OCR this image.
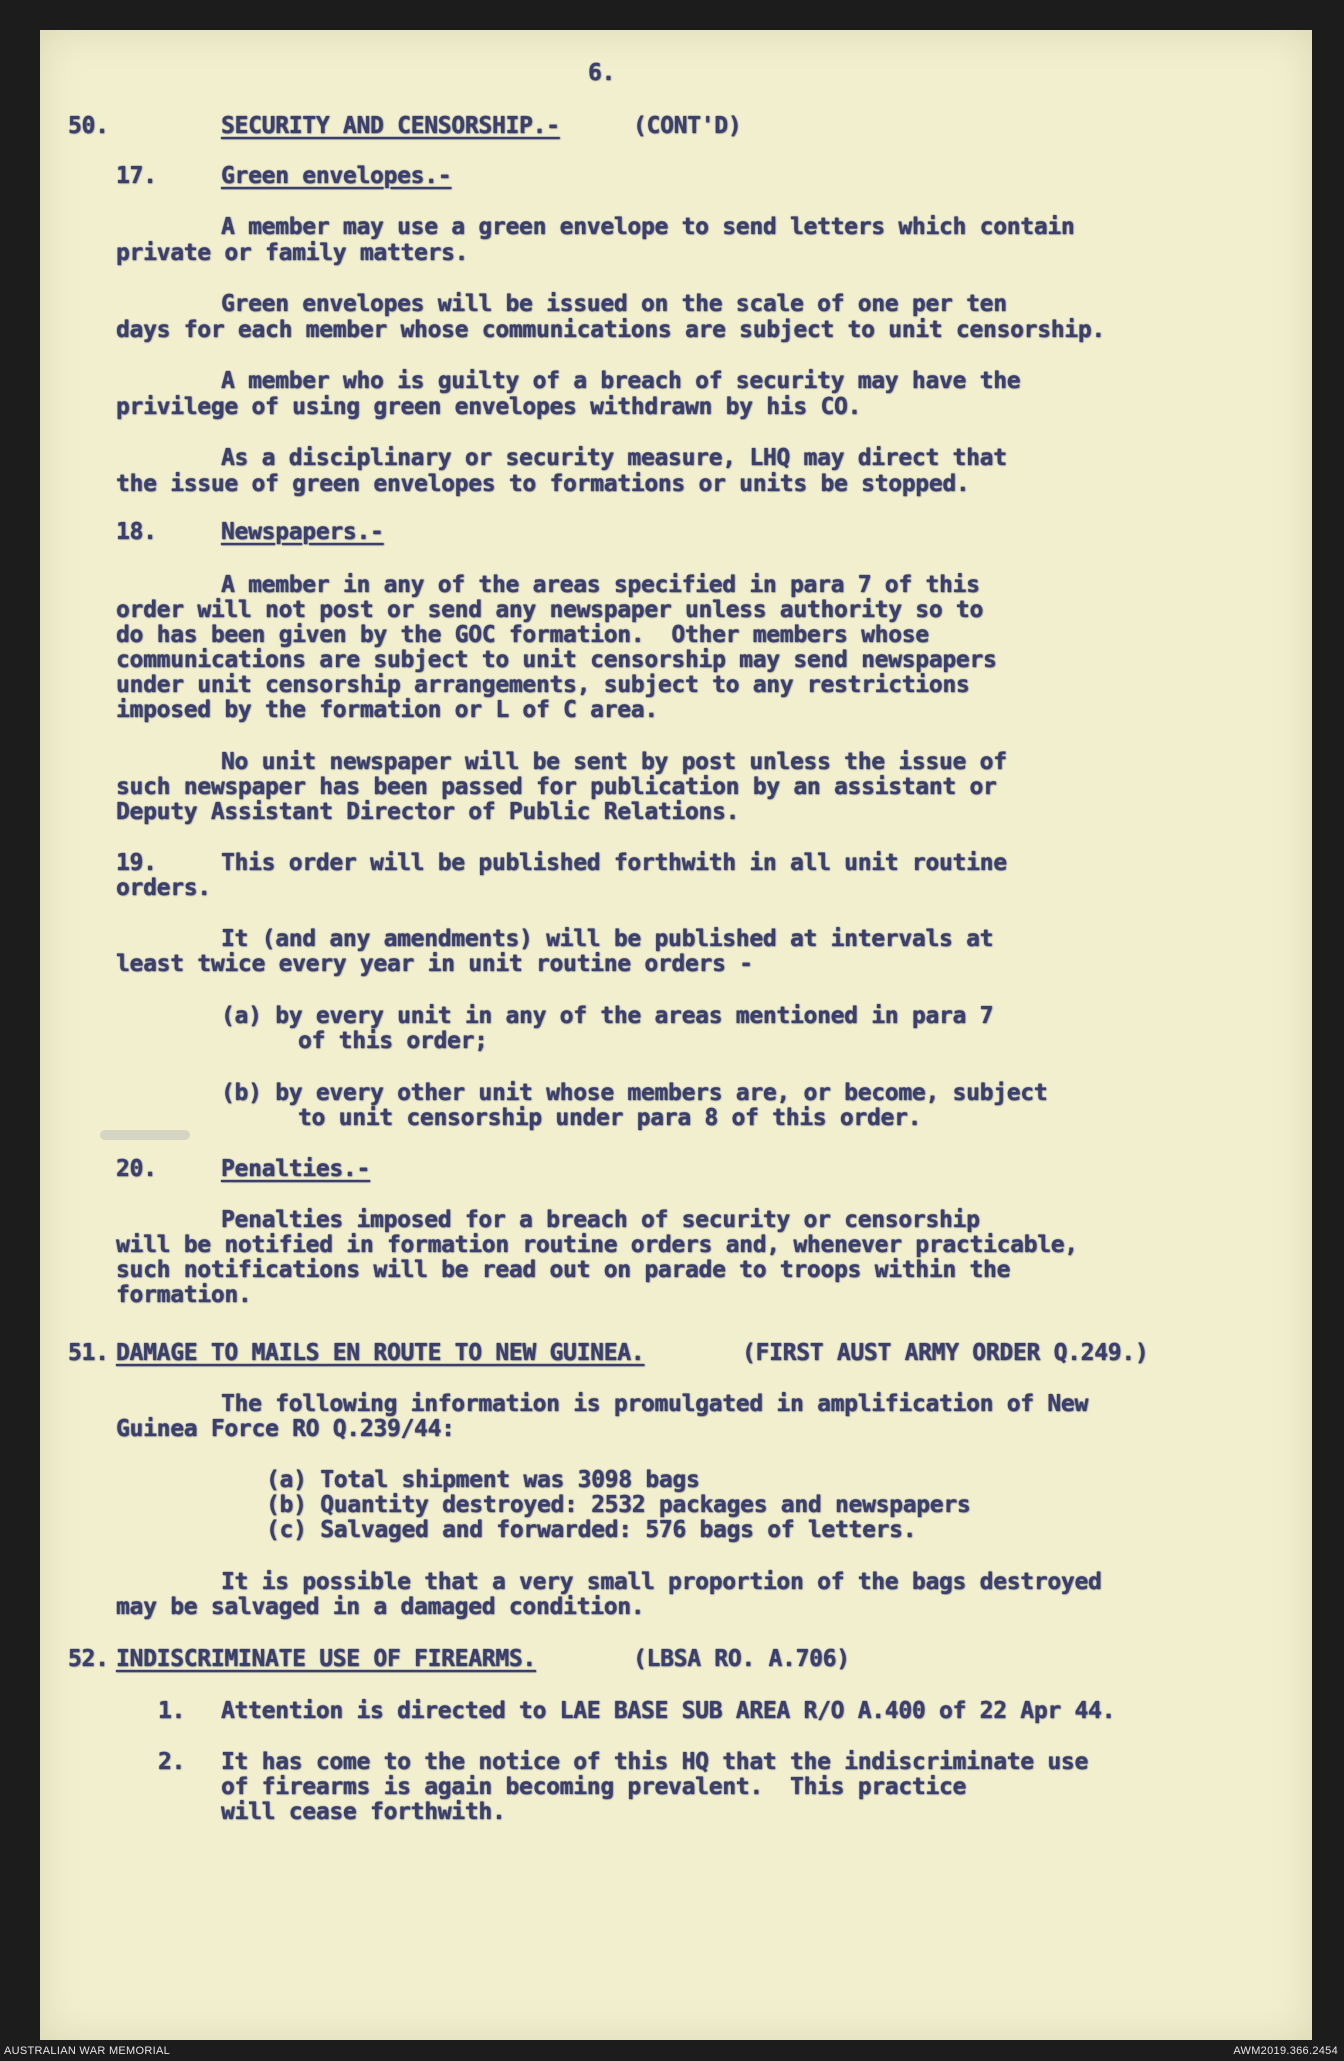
6.
50.	SECURITY AND CENSORSHIP.-	(CONT'D)
17.	Green envelopes.-
A member may use a green envelope to send letters which contain
private or family matters.
Green envelopes will be issued on the scale of one per ten
days for each member whose communications are subject to unit censorship.
A member who is guilty of a breach of security may have the
privilege of using green envelopes withdrawn by his CO.
As a disciplinary or security measure, LHQ may direct that
the issue of green envelopes to formations or units be stopped.
18.	Newspapers.-
A member in any of the areas specified in para 7 of this
order will not post or send any newspaper unless authority so to
do has been given by the GOC formation.  Other members whose
communications are subject to unit censorship may send newspapers
under unit censorship arrangements, subject to any restrictions
imposed by the formation or L of C area.
No unit newspaper will be sent by post unless the issue of
such newspaper has been passed for publication by an assistant or
Deputy Assistant Director of Public Relations.
19.	This order will be published forthwith in all unit routine
orders.
It (and any amendments) will be published at intervals at
least twice every year in unit routine orders -
(a) by every unit in any of the areas mentioned in para 7
of this order;
(b) by every other unit whose members are, or become, subject
to unit censorship under para 8 of this order.
20.	Penalties.-
Penalties imposed for a breach of security or censorship
will be notified in formation routine orders and, whenever practicable,
such notifications will be read out on parade to troops within the
formation.
51. DAMAGE TO MAILS EN ROUTE TO NEW GUINEA.	(FIRST AUST ARMY ORDER Q.249.)
The following information is promulgated in amplification of New
Guinea Force RO Q.239/44:
(a) Total shipment was 3098 bags
(b) Quantity destroyed: 2532 packages and newspapers
(c) Salvaged and forwarded: 576 bags of letters.
It is possible that a very small proportion of the bags destroyed
may be salvaged in a damaged condition.
52. INDISCRIMINATE USE OF FIREARMS.	(LBSA RO. A.706)
1. Attention is directed to LAE BASE SUB AREA R/O A.400 of 22 Apr 44.
2. It has come to the notice of this HQ that the indiscriminate use
of firearms is again becoming prevalent.  This practice
will cease forthwith.
AUSTRALIAN WAR MEMORIAL	AWM2019.366.2454
